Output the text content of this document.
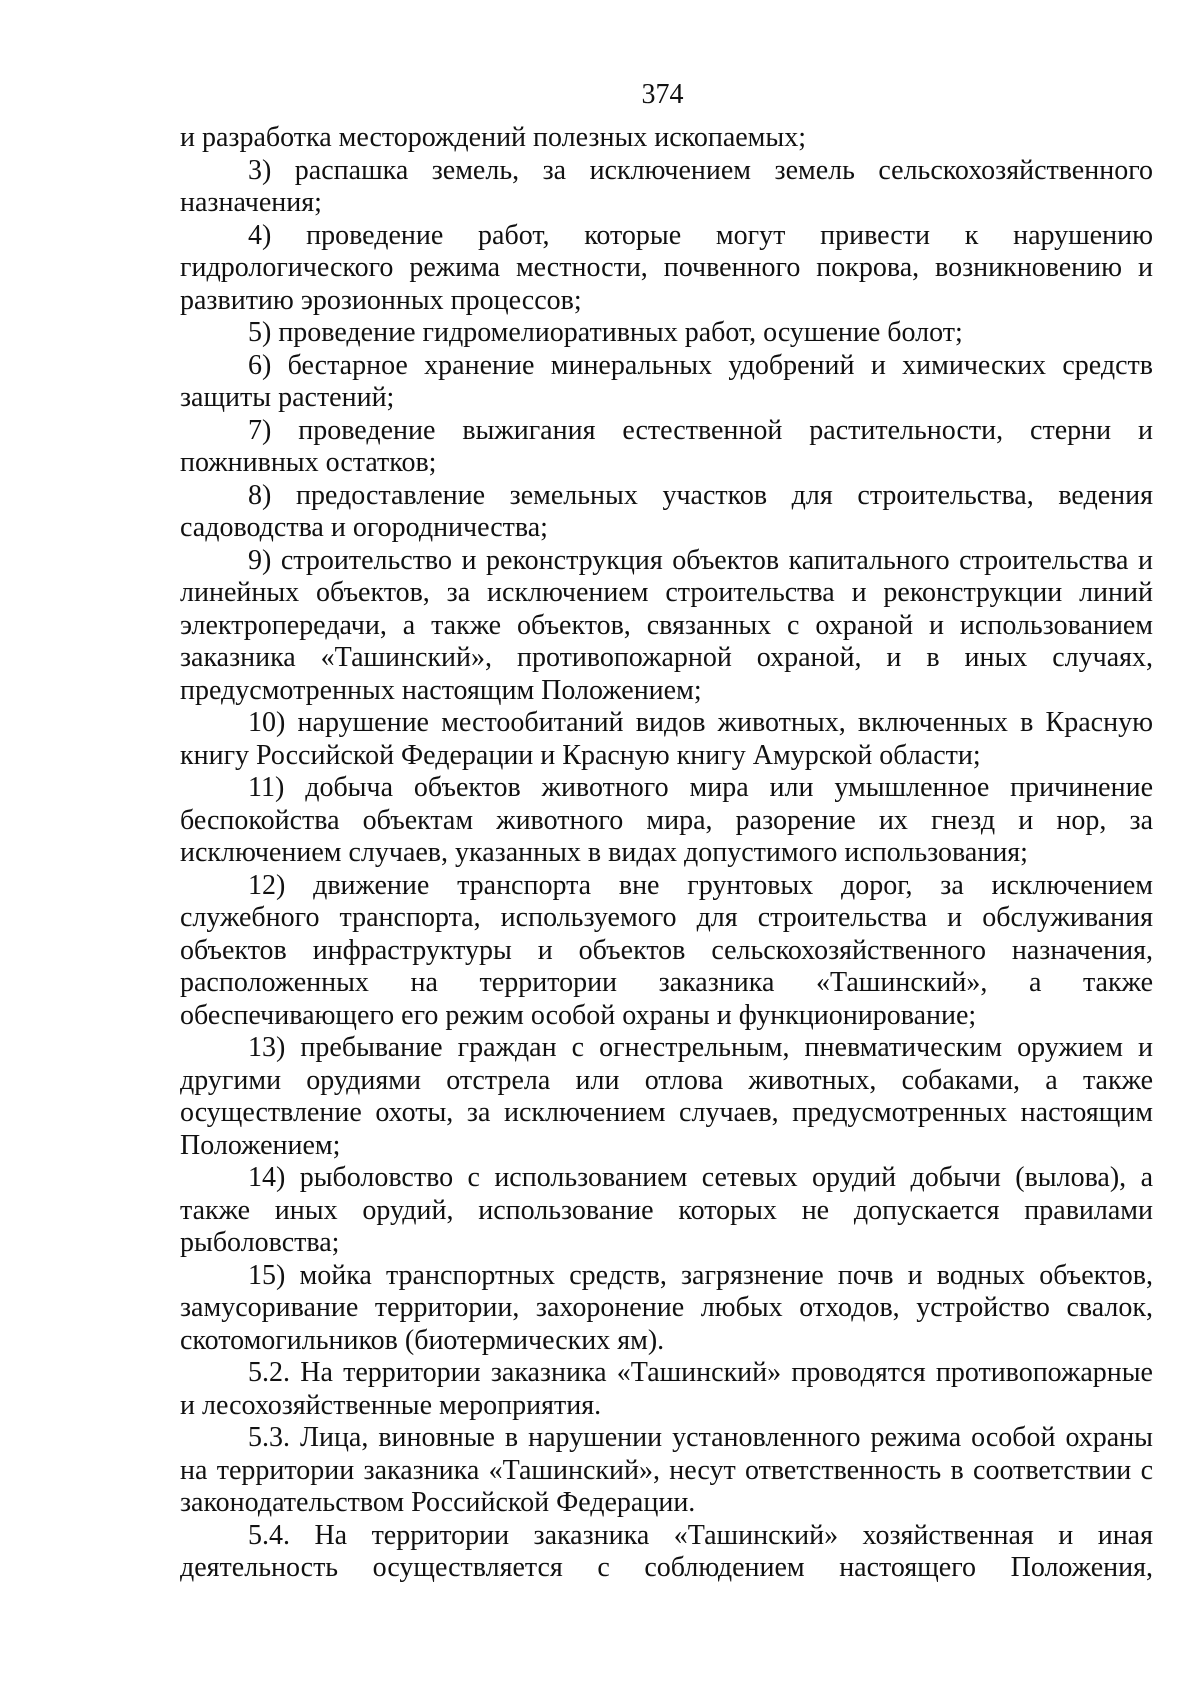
374

и разработка месторождений полезных ископаемых;

3) распашка земель, за исключением земель сельскохозяйственного назначения;

4) проведение работ, которые могут привести к нарушению гидрологического режима местности, почвенного покрова, возникновению и развитию эрозионных процессов;

5) проведение гидромелиоративных работ, осушение болот;

6) бестарное хранение минеральных удобрений и химических средств защиты растений;

7) проведение выжигания естественной растительности, стерни и пожнивных остатков;

8) предоставление земельных участков для строительства, ведения садоводства и огородничества;

9) строительство и реконструкция объектов капитального строительства и линейных объектов, за исключением строительства и реконструкции линий электропередачи, а также объектов, связанных с охраной и использованием заказника «Ташинский», противопожарной охраной, и в иных случаях, предусмотренных настоящим Положением;

10) нарушение местообитаний видов животных, включенных в Красную книгу Российской Федерации и Красную книгу Амурской области;

11) добыча объектов животного мира или умышленное причинение беспокойства объектам животного мира, разорение их гнезд и нор, за исключением случаев, указанных в видах допустимого использования;

12) движение транспорта вне грунтовых дорог, за исключением служебного транспорта, используемого для строительства и обслуживания объектов инфраструктуры и объектов сельскохозяйственного назначения, расположенных на территории заказника «Ташинский», а также обеспечивающего его режим особой охраны и функционирование;

13) пребывание граждан с огнестрельным, пневматическим оружием и другими орудиями отстрела или отлова животных, собаками, а также осуществление охоты, за исключением случаев, предусмотренных настоящим Положением;

14) рыболовство с использованием сетевых орудий добычи (вылова), а также иных орудий, использование которых не допускается правилами рыболовства;

15) мойка транспортных средств, загрязнение почв и водных объектов, замусоривание территории, захоронение любых отходов, устройство свалок, скотомогильников (биотермических ям).

5.2. На территории заказника «Ташинский» проводятся противопожарные и лесохозяйственные мероприятия.

5.3. Лица, виновные в нарушении установленного режима особой охраны на территории заказника «Ташинский», несут ответственность в соответствии с законодательством Российской Федерации.

5.4. На территории заказника «Ташинский» хозяйственная и иная деятельность осуществляется с соблюдением настоящего Положения,
